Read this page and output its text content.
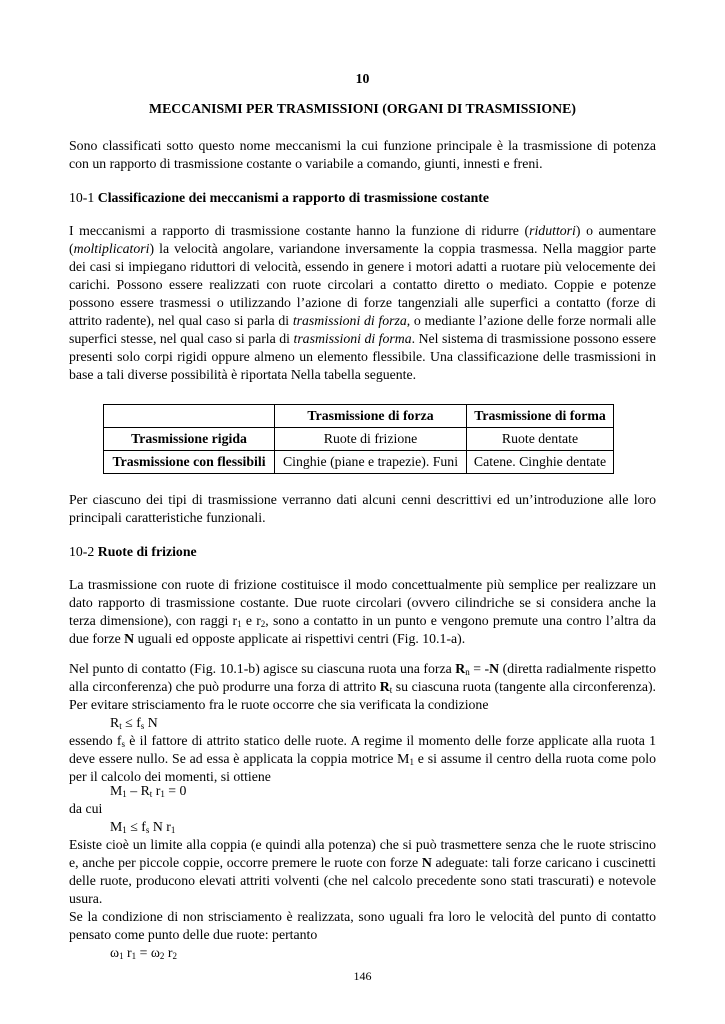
10
MECCANISMI PER TRASMISSIONI (ORGANI DI TRASMISSIONE)
Sono classificati sotto questo nome meccanismi la cui funzione principale è la trasmissione di potenza con un rapporto di trasmissione costante o variabile a comando, giunti, innesti e freni.
10-1 Classificazione dei meccanismi a rapporto di trasmissione costante
I meccanismi a rapporto di trasmissione costante hanno la funzione di ridurre (riduttori) o aumentare (moltiplicatori) la velocità angolare, variandone inversamente la coppia trasmessa. Nella maggior parte dei casi si impiegano riduttori di velocità, essendo in genere i motori adatti a ruotare più velocemente dei carichi. Possono essere realizzati con ruote circolari a contatto diretto o mediato. Coppie e potenze possono essere trasmessi o utilizzando l’azione di forze tangenziali alle superfici a contatto (forze di attrito radente), nel qual caso si parla di trasmissioni di forza, o mediante l’azione delle forze normali alle superfici stesse, nel qual caso si parla di trasmissioni di forma. Nel sistema di trasmissione possono essere presenti solo corpi rigidi oppure almeno un elemento flessibile. Una classificazione delle trasmissioni in base a tali diverse possibilità è riportata Nella tabella seguente.
	Trasmissione di forza	Trasmissione di forma
Trasmissione rigida	Ruote di frizione	Ruote dentate
Trasmissione con flessibili	Cinghie (piane e trapezie). Funi	Catene. Cinghie dentate
Per ciascuno dei tipi di trasmissione verranno dati alcuni cenni descrittivi ed un’introduzione alle loro principali caratteristiche funzionali.
10-2 Ruote di frizione
La trasmissione con ruote di frizione costituisce il modo concettualmente più semplice per realizzare un dato rapporto di trasmissione costante. Due ruote circolari (ovvero cilindriche se si considera anche la terza dimensione), con raggi $r_1$ e $r_2$, sono a contatto in un punto e vengono premute una contro l’altra da due forze N uguali ed opposte applicate ai rispettivi centri (Fig. 10.1-a).
Nel punto di contatto (Fig. 10.1-b) agisce su ciascuna ruota una forza $R_n = -N$ (diretta radialmente rispetto alla circonferenza) che può produrre una forza di attrito $R_t$ su ciascuna ruota (tangente alla circonferenza). Per evitare strisciamento fra le ruote occorre che sia verificata la condizione
$R_t \le f_s$ N
essendo $f_s$ è il fattore di attrito statico delle ruote. A regime il momento delle forze applicate alla ruota 1 deve essere nullo. Se ad essa è applicata la coppia motrice $M_1$ e si assume il centro della ruota come polo per il calcolo dei momenti, si ottiene
$M_1 - R_t$ $r_1 = 0$
da cui
$M_1 \le f_s$ N $r_1$
Esiste cioè un limite alla coppia (e quindi alla potenza) che si può trasmettere senza che le ruote striscino e, anche per piccole coppie, occorre premere le ruote con forze N adeguate: tali forze caricano i cuscinetti delle ruote, producono elevati attriti volventi (che nel calcolo precedente sono stati trascurati) e notevole usura.
Se la condizione di non strisciamento è realizzata, sono uguali fra loro le velocità del punto di contatto pensato come punto delle due ruote: pertanto
$\omega_1$ $r_1 = \omega_2$ $r_2$
146
